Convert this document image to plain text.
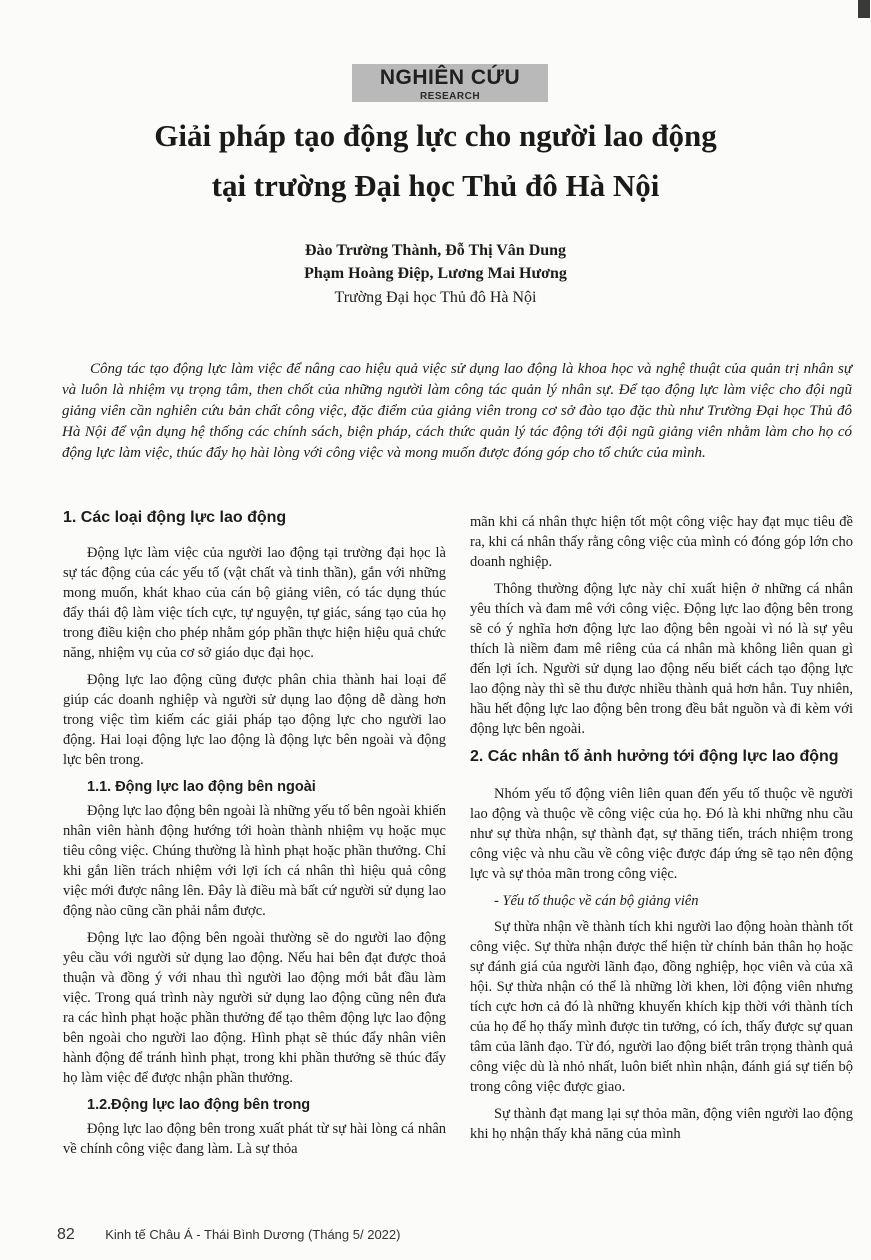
NGHIÊN CỨU
RESEARCH
Giải pháp tạo động lực cho người lao động
tại trường Đại học Thủ đô Hà Nội
Đào Trường Thành, Đỗ Thị Vân Dung
Phạm Hoàng Điệp, Lương Mai Hương
Trường Đại học Thủ đô Hà Nội

Công tác tạo động lực làm việc để nâng cao hiệu quả việc sử dụng lao động là khoa học và nghệ thuật của quản trị nhân sự và luôn là nhiệm vụ trọng tâm, then chốt của những người làm công tác quản lý nhân sự. Để tạo động lực làm việc cho đội ngũ giảng viên cần nghiên cứu bản chất công việc, đặc điểm của giảng viên trong cơ sở đào tạo đặc thù như Trường Đại học Thủ đô Hà Nội để vận dụng hệ thống các chính sách, biện pháp, cách thức quản lý tác động tới đội ngũ giảng viên nhằm làm cho họ có động lực làm việc, thúc đẩy họ hài lòng với công việc và mong muốn được đóng góp cho tổ chức của mình.

1. Các loại động lực lao động

Động lực làm việc của người lao động tại trường đại học là sự tác động của các yếu tố (vật chất và tinh thần), gắn với những mong muốn, khát khao của cán bộ giảng viên, có tác dụng thúc đẩy thái độ làm việc tích cực, tự nguyện, tự giác, sáng tạo của họ trong điều kiện cho phép nhằm góp phần thực hiện hiệu quả chức năng, nhiệm vụ của cơ sở giáo dục đại học.

Động lực lao động cũng được phân chia thành hai loại để giúp các doanh nghiệp và người sử dụng lao động dễ dàng hơn trong việc tìm kiếm các giải pháp tạo động lực cho người lao động. Hai loại động lực lao động là động lực bên ngoài và động lực bên trong.

1.1. Động lực lao động bên ngoài

Động lực lao động bên ngoài là những yếu tố bên ngoài khiến nhân viên hành động hướng tới hoàn thành nhiệm vụ hoặc mục tiêu công việc. Chúng thường là hình phạt hoặc phần thưởng. Chỉ khi gắn liền trách nhiệm với lợi ích cá nhân thì hiệu quả công việc mới được nâng lên. Đây là điều mà bất cứ người sử dụng lao động nào cũng cần phải nắm được.

Động lực lao động bên ngoài thường sẽ do người lao động yêu cầu với người sử dụng lao động. Nếu hai bên đạt được thoả thuận và đồng ý với nhau thì người lao động mới bắt đầu làm việc. Trong quá trình này người sử dụng lao động cũng nên đưa ra các hình phạt hoặc phần thưởng để tạo thêm động lực lao động bên ngoài cho người lao động. Hình phạt sẽ thúc đẩy nhân viên hành động để tránh hình phạt, trong khi phần thưởng sẽ thúc đẩy họ làm việc để được nhận phần thưởng.

1.2.Động lực lao động bên trong

Động lực lao động bên trong xuất phát từ sự hài lòng cá nhân về chính công việc đang làm. Là sự thỏa

mãn khi cá nhân thực hiện tốt một công việc hay đạt mục tiêu đề ra, khi cá nhân thấy rằng công việc của mình có đóng góp lớn cho doanh nghiệp.

Thông thường động lực này chỉ xuất hiện ở những cá nhân yêu thích và đam mê với công việc. Động lực lao động bên trong sẽ có ý nghĩa hơn động lực lao động bên ngoài vì nó là sự yêu thích là niềm đam mê riêng của cá nhân mà không liên quan gì đến lợi ích. Người sử dụng lao động nếu biết cách tạo động lực lao động này thì sẽ thu được nhiều thành quả hơn hẳn. Tuy nhiên, hầu hết động lực lao động bên trong đều bắt nguồn và đi kèm với động lực bên ngoài.

2. Các nhân tố ảnh hưởng tới động lực lao động

Nhóm yếu tố động viên liên quan đến yếu tố thuộc về người lao động và thuộc về công việc của họ. Đó là khi những nhu cầu như sự thừa nhận, sự thành đạt, sự thăng tiến, trách nhiệm trong công việc và nhu cầu về công việc được đáp ứng sẽ tạo nên động lực và sự thỏa mãn trong công việc.

- Yếu tố thuộc về cán bộ giảng viên

Sự thừa nhận về thành tích khi người lao động hoàn thành tốt công việc. Sự thừa nhận được thể hiện từ chính bản thân họ hoặc sự đánh giá của người lãnh đạo, đồng nghiệp, học viên và của xã hội. Sự thừa nhận có thể là những lời khen, lời động viên nhưng tích cực hơn cả đó là những khuyến khích kịp thời với thành tích của họ để họ thấy mình được tin tưởng, có ích, thấy được sự quan tâm của lãnh đạo. Từ đó, người lao động biết trân trọng thành quả công việc dù là nhỏ nhất, luôn biết nhìn nhận, đánh giá sự tiến bộ trong công việc được giao.

Sự thành đạt mang lại sự thỏa mãn, động viên người lao động khi họ nhận thấy khả năng của mình

82 Kinh tế Châu Á - Thái Bình Dương (Tháng 5/ 2022)
